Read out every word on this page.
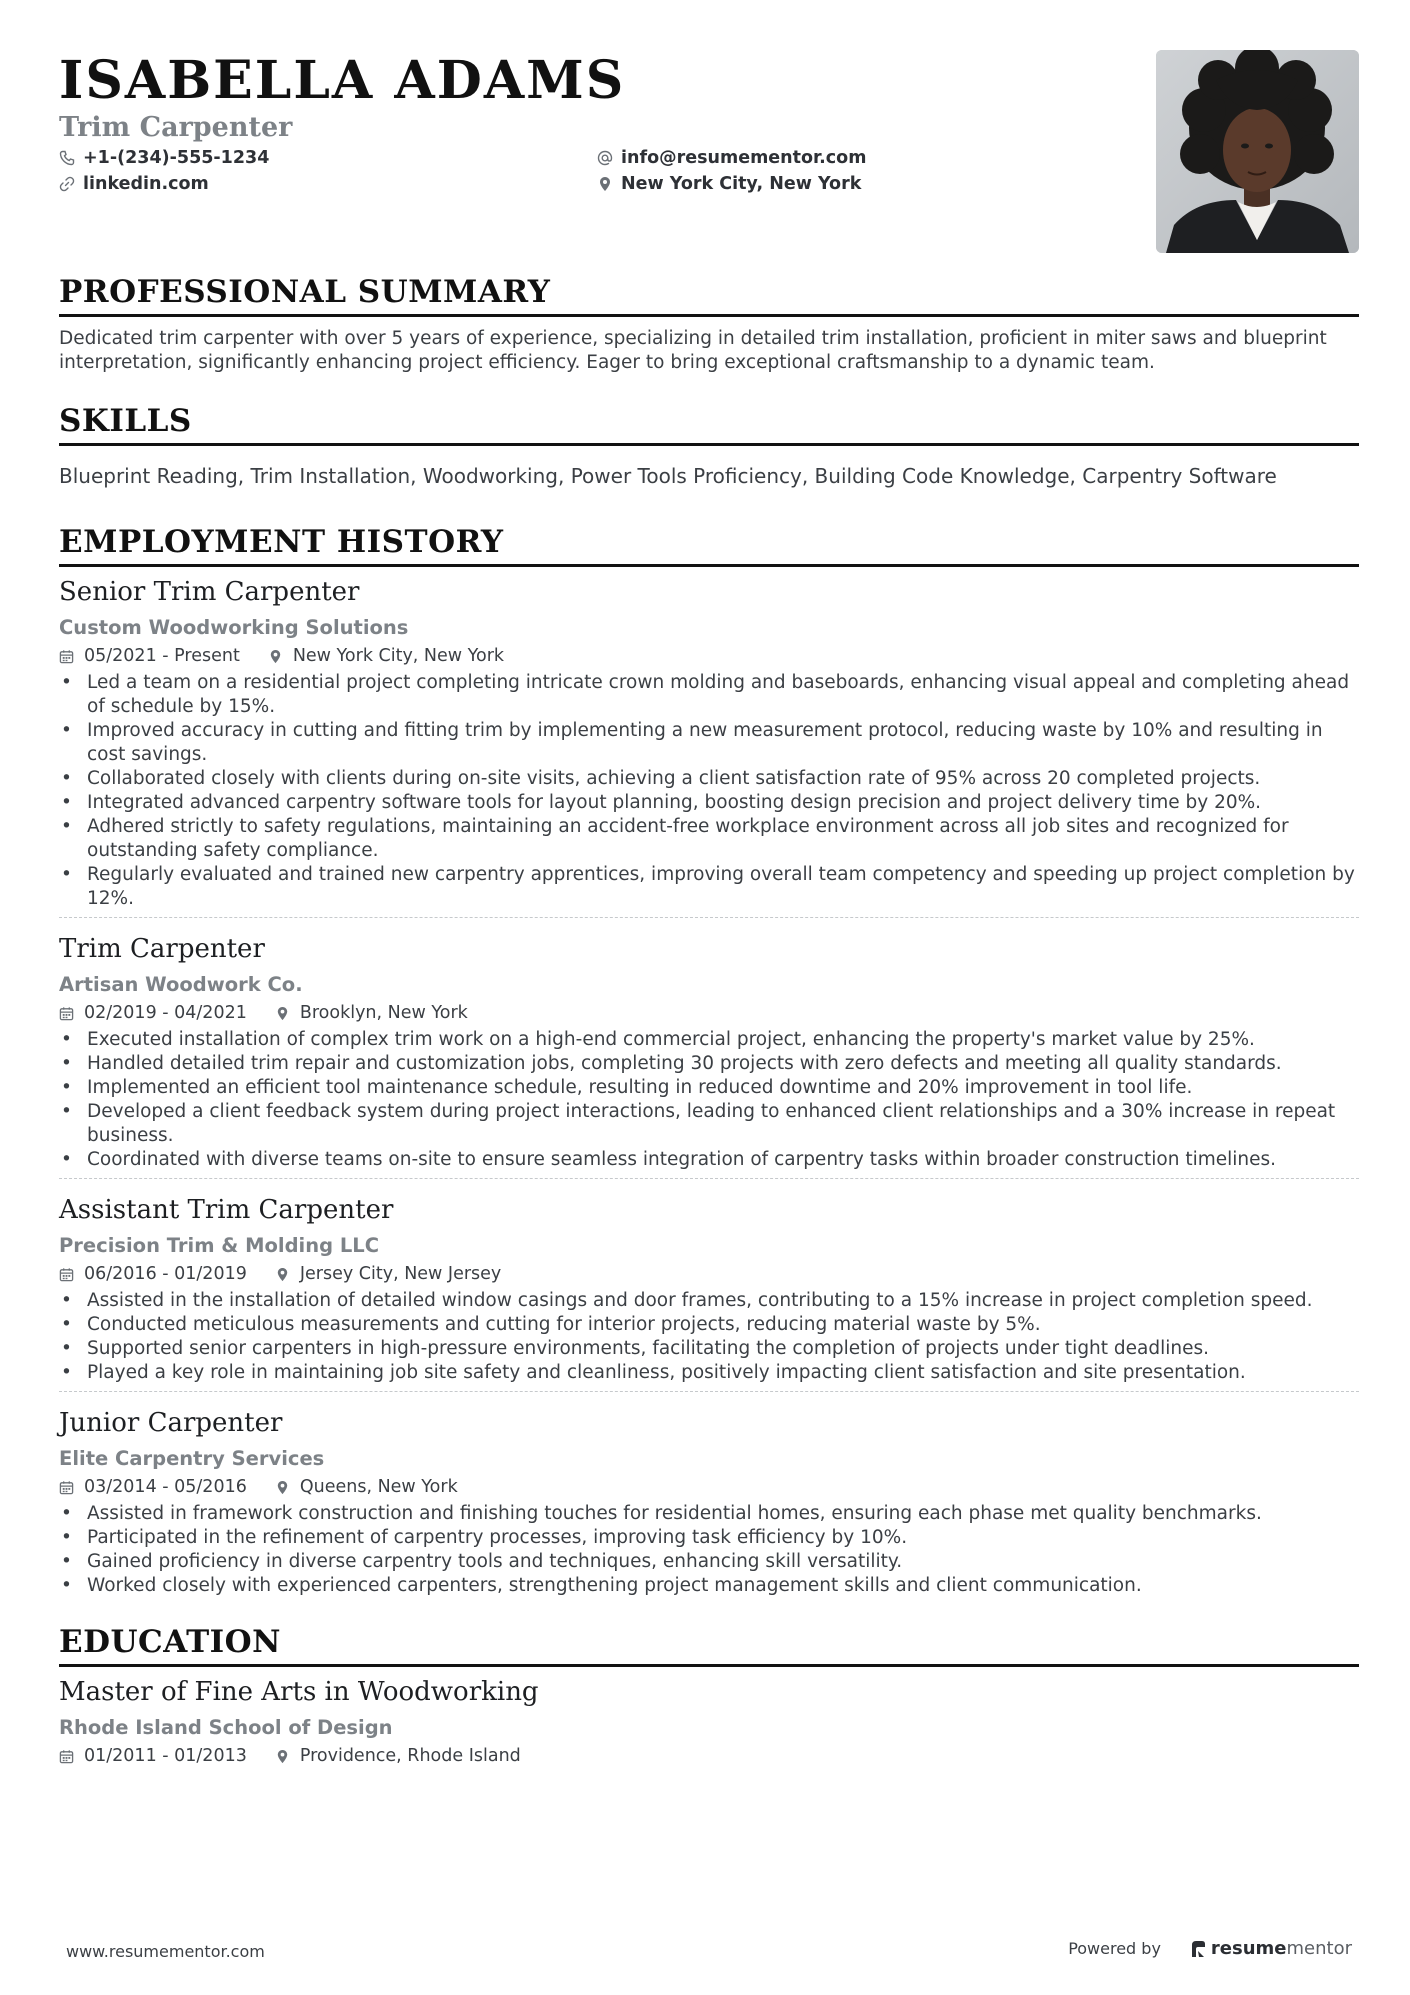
ISABELLA ADAMS
Trim Carpenter
+1-(234)-555-1234
linkedin.com
info@resumementor.com
New York City, New York
PROFESSIONAL SUMMARY
Dedicated trim carpenter with over 5 years of experience, specializing in detailed trim installation, proficient in miter saws and blueprint interpretation, significantly enhancing project efficiency. Eager to bring exceptional craftsmanship to a dynamic team.
SKILLS
Blueprint Reading, Trim Installation, Woodworking, Power Tools Proficiency, Building Code Knowledge, Carpentry Software
EMPLOYMENT HISTORY
Senior Trim Carpenter
Custom Woodworking Solutions
05/2021 - Present	New York City, New York
• Led a team on a residential project completing intricate crown molding and baseboards, enhancing visual appeal and completing ahead of schedule by 15%.
• Improved accuracy in cutting and fitting trim by implementing a new measurement protocol, reducing waste by 10% and resulting in cost savings.
• Collaborated closely with clients during on-site visits, achieving a client satisfaction rate of 95% across 20 completed projects.
• Integrated advanced carpentry software tools for layout planning, boosting design precision and project delivery time by 20%.
• Adhered strictly to safety regulations, maintaining an accident-free workplace environment across all job sites and recognized for outstanding safety compliance.
• Regularly evaluated and trained new carpentry apprentices, improving overall team competency and speeding up project completion by 12%.
Trim Carpenter
Artisan Woodwork Co.
02/2019 - 04/2021	Brooklyn, New York
• Executed installation of complex trim work on a high-end commercial project, enhancing the property's market value by 25%.
• Handled detailed trim repair and customization jobs, completing 30 projects with zero defects and meeting all quality standards.
• Implemented an efficient tool maintenance schedule, resulting in reduced downtime and 20% improvement in tool life.
• Developed a client feedback system during project interactions, leading to enhanced client relationships and a 30% increase in repeat business.
• Coordinated with diverse teams on-site to ensure seamless integration of carpentry tasks within broader construction timelines.
Assistant Trim Carpenter
Precision Trim & Molding LLC
06/2016 - 01/2019	Jersey City, New Jersey
• Assisted in the installation of detailed window casings and door frames, contributing to a 15% increase in project completion speed.
• Conducted meticulous measurements and cutting for interior projects, reducing material waste by 5%.
• Supported senior carpenters in high-pressure environments, facilitating the completion of projects under tight deadlines.
• Played a key role in maintaining job site safety and cleanliness, positively impacting client satisfaction and site presentation.
Junior Carpenter
Elite Carpentry Services
03/2014 - 05/2016	Queens, New York
• Assisted in framework construction and finishing touches for residential homes, ensuring each phase met quality benchmarks.
• Participated in the refinement of carpentry processes, improving task efficiency by 10%.
• Gained proficiency in diverse carpentry tools and techniques, enhancing skill versatility.
• Worked closely with experienced carpenters, strengthening project management skills and client communication.
EDUCATION
Master of Fine Arts in Woodworking
Rhode Island School of Design
01/2011 - 01/2013	Providence, Rhode Island
www.resumementor.com	Powered by	resume mentor
